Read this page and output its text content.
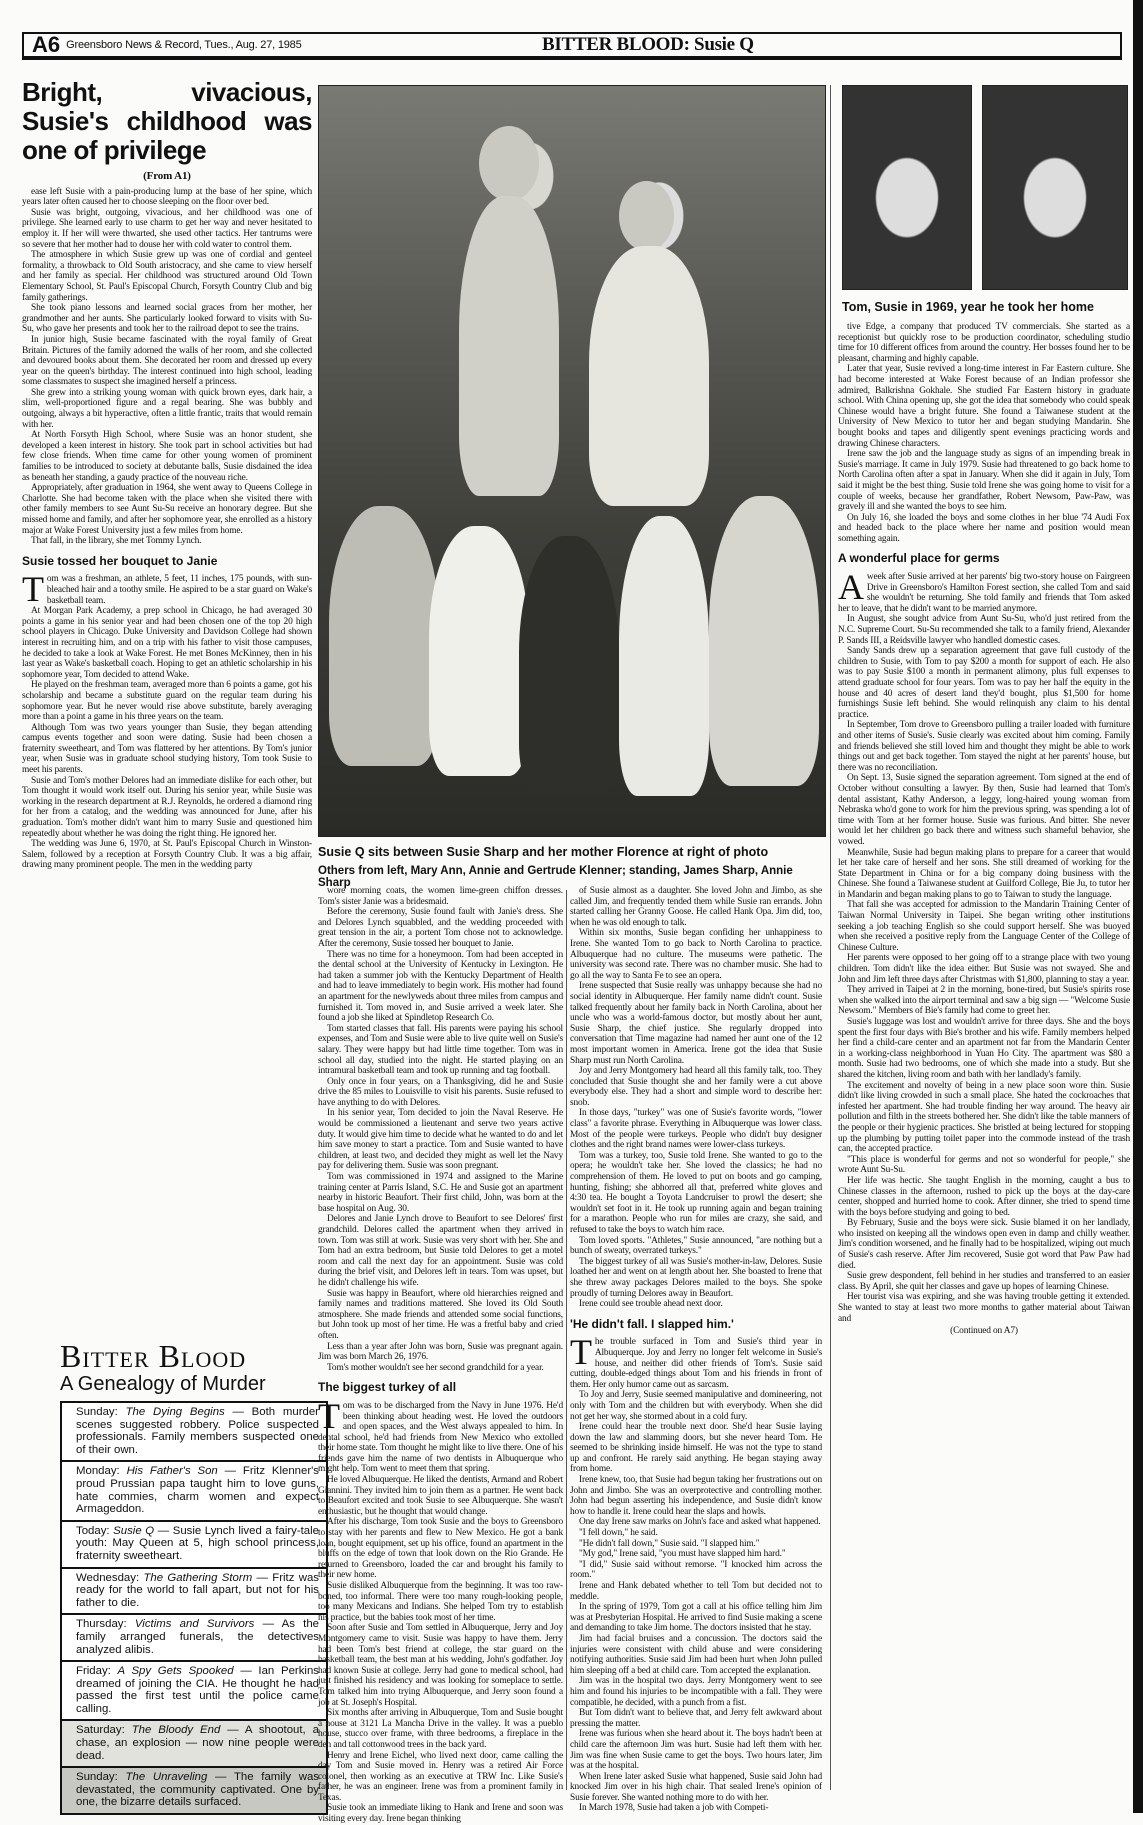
A6 Greensboro News & Record, Tues., Aug. 27, 1985	BITTER BLOOD: Susie Q
Bright, vivacious, Susie's childhood was one of privilege
(From A1)

ease left Susie with a pain-producing lump at the base of her spine, which years later often caused her to choose sleeping on the floor over bed.

Susie was bright, outgoing, vivacious, and her childhood was one of privilege. She learned early to use charm to get her way and never hesitated to employ it. If her will were thwarted, she used other tactics. Her tantrums were so severe that her mother had to douse her with cold water to control them.

The atmosphere in which Susie grew up was one of cordial and genteel formality, a throwback to Old South aristocracy, and she came to view herself and her family as special. Her childhood was structured around Old Town Elementary School, St. Paul's Episcopal Church, Forsyth Country Club and big family gatherings.

She took piano lessons and learned social graces from her mother, her grandmother and her aunts. She particularly looked forward to visits with Su-Su, who gave her presents and took her to the railroad depot to see the trains.

In junior high, Susie became fascinated with the royal family of Great Britain. Pictures of the family adorned the walls of her room, and she collected and devoured books about them. She decorated her room and dressed up every year on the queen's birthday. The interest continued into high school, leading some classmates to suspect she imagined herself a princess.

She grew into a striking young woman with quick brown eyes, dark hair, a slim, well-proportioned figure and a regal bearing. She was bubbly and outgoing, always a bit hyperactive, often a little frantic, traits that would remain with her.

At North Forsyth High School, where Susie was an honor student, she developed a keen interest in history. She took part in school activities but had few close friends. When time came for other young women of prominent families to be introduced to society at debutante balls, Susie disdained the idea as beneath her standing, a gaudy practice of the nouveau riche.

Appropriately, after graduation in 1964, she went away to Queens College in Charlotte. She had become taken with the place when she visited there with other family members to see Aunt Su-Su receive an honorary degree. But she missed home and family, and after her sophomore year, she enrolled as a history major at Wake Forest University just a few miles from home.

That fall, in the library, she met Tommy Lynch.

Susie tossed her bouquet to Janie

Tom was a freshman, an athlete, 5 feet, 11 inches, 175 pounds, with sun-bleached hair and a toothy smile. He aspired to be a star guard on Wake's basketball team.

At Morgan Park Academy, a prep school in Chicago, he had averaged 30 points a game in his senior year and had been chosen one of the top 20 high school players in Chicago. Duke University and Davidson College had shown interest in recruiting him, and on a trip with his father to visit those campuses, he decided to take a look at Wake Forest. He met Bones McKinney, then in his last year as Wake's basketball coach. Hoping to get an athletic scholarship in his sophomore year, Tom decided to attend Wake.

He played on the freshman team, averaged more than 6 points a game, got his scholarship and became a substitute guard on the regular team during his sophomore year. But he never would rise above substitute, barely averaging more than a point a game in his three years on the team.

Although Tom was two years younger than Susie, they began attending campus events together and soon were dating. Susie had been chosen a fraternity sweetheart, and Tom was flattered by her attentions. By Tom's junior year, when Susie was in graduate school studying history, Tom took Susie to meet his parents.

Susie and Tom's mother Delores had an immediate dislike for each other, but Tom thought it would work itself out. During his senior year, while Susie was working in the research department at R.J. Reynolds, he ordered a diamond ring for her from a catalog, and the wedding was announced for June, after his graduation. Tom's mother didn't want him to marry Susie and questioned him repeatedly about whether he was doing the right thing. He ignored her.

The wedding was June 6, 1970, at St. Paul's Episcopal Church in Winston-Salem, followed by a reception at Forsyth Country Club. It was a big affair, drawing many prominent people. The men in the wedding party

Bitter Blood
A Genealogy of Murder
Sunday: The Dying Begins — Both murder scenes suggested robbery. Police suspected professionals. Family members suspected one of their own.
Monday: His Father's Son — Fritz Klenner's proud Prussian papa taught him to love guns, hate commies, charm women and expect Armageddon.
Today: Susie Q — Susie Lynch lived a fairy-tale youth: May Queen at 5, high school princess, fraternity sweetheart.
Wednesday: The Gathering Storm — Fritz was ready for the world to fall apart, but not for his father to die.
Thursday: Victims and Survivors — As the family arranged funerals, the detectives analyzed alibis.
Friday: A Spy Gets Spooked — Ian Perkins dreamed of joining the CIA. He thought he had passed the first test until the police came calling.
Saturday: The Bloody End — A shootout, a chase, an explosion — now nine people were dead.
Sunday: The Unraveling — The family was devastated, the community captivated. One by one, the bizarre details surfaced.
Susie Q sits between Susie Sharp and her mother Florence at right of photo
Others from left, Mary Ann, Annie and Gertrude Klenner; standing, James Sharp, Annie Sharp

wore morning coats, the women lime-green chiffon dresses. Tom's sister Janie was a bridesmaid.

Before the ceremony, Susie found fault with Janie's dress. She and Delores Lynch squabbled, and the wedding proceeded with great tension in the air, a portent Tom chose not to acknowledge. After the ceremony, Susie tossed her bouquet to Janie.

There was no time for a honeymoon. Tom had been accepted in the dental school at the University of Kentucky in Lexington. He had taken a summer job with the Kentucky Department of Health and had to leave immediately to begin work. His mother had found an apartment for the newlyweds about three miles from campus and furnished it. Tom moved in, and Susie arrived a week later. She found a job she liked at Spindletop Research Co.

Tom started classes that fall. His parents were paying his school expenses, and Tom and Susie were able to live quite well on Susie's salary. They were happy but had little time together. Tom was in school all day, studied into the night. He started playing on an intramural basketball team and took up running and tag football.

Only once in four years, on a Thanksgiving, did he and Susie drive the 85 miles to Louisville to visit his parents. Susie refused to have anything to do with Delores.

In his senior year, Tom decided to join the Naval Reserve. He would be commissioned a lieutenant and serve two years active duty. It would give him time to decide what he wanted to do and let him save money to start a practice. Tom and Susie wanted to have children, at least two, and decided they might as well let the Navy pay for delivering them. Susie was soon pregnant.

Tom was commissioned in 1974 and assigned to the Marine training center at Parris Island, S.C. He and Susie got an apartment nearby in historic Beaufort. Their first child, John, was born at the base hospital on Aug. 30.

Delores and Janie Lynch drove to Beaufort to see Delores' first grandchild. Delores called the apartment when they arrived in town. Tom was still at work. Susie was very short with her. She and Tom had an extra bedroom, but Susie told Delores to get a motel room and call the next day for an appointment. Susie was cold during the brief visit, and Delores left in tears. Tom was upset, but he didn't challenge his wife.

Susie was happy in Beaufort, where old hierarchies reigned and family names and traditions mattered. She loved its Old South atmosphere. She made friends and attended some social functions, but John took up most of her time. He was a fretful baby and cried often.

Less than a year after John was born, Susie was pregnant again. Jim was born March 26, 1976.

Tom's mother wouldn't see her second grandchild for a year.

The biggest turkey of all

Tom was to be discharged from the Navy in June 1976. He'd been thinking about heading west. He loved the outdoors and open spaces, and the West always appealed to him. In dental school, he'd had friends from New Mexico who extolled their home state. Tom thought he might like to live there. One of his friends gave him the name of two dentists in Albuquerque who might help. Tom went to meet them that spring.

He loved Albuquerque. He liked the dentists, Armand and Robert Giannini. They invited him to join them as a partner. He went back to Beaufort excited and took Susie to see Albuquerque. She wasn't enthusiastic, but he thought that would change.

After his discharge, Tom took Susie and the boys to Greensboro to stay with her parents and flew to New Mexico. He got a bank loan, bought equipment, set up his office, found an apartment in the bluffs on the edge of town that look down on the Rio Grande. He returned to Greensboro, loaded the car and brought his family to their new home.

Susie disliked Albuquerque from the beginning. It was too raw-boned, too informal. There were too many rough-looking people, too many Mexicans and Indians. She helped Tom try to establish his practice, but the babies took most of her time.

Soon after Susie and Tom settled in Albuquerque, Jerry and Joy Montgomery came to visit. Susie was happy to have them. Jerry had been Tom's best friend at college, the star guard on the basketball team, the best man at his wedding, John's godfather. Joy had known Susie at college. Jerry had gone to medical school, had just finished his residency and was looking for someplace to settle. Tom talked him into trying Albuquerque, and Jerry soon found a job at St. Joseph's Hospital.

Six months after arriving in Albuquerque, Tom and Susie bought a house at 3121 La Mancha Drive in the valley. It was a pueblo house, stucco over frame, with three bedrooms, a fireplace in the den and tall cottonwood trees in the back yard.

Henry and Irene Eichel, who lived next door, came calling the day Tom and Susie moved in. Henry was a retired Air Force colonel, then working as an executive at TRW Inc. Like Susie's father, he was an engineer. Irene was from a prominent family in Texas.

Susie took an immediate liking to Hank and Irene and soon was visiting every day. Irene began thinking

of Susie almost as a daughter. She loved John and Jimbo, as she called Jim, and frequently tended them while Susie ran errands. John started calling her Granny Goose. He called Hank Opa. Jim did, too, when he was old enough to talk.

Within six months, Susie began confiding her unhappiness to Irene. She wanted Tom to go back to North Carolina to practice. Albuquerque had no culture. The museums were pathetic. The university was second rate. There was no chamber music. She had to go all the way to Santa Fe to see an opera.

Irene suspected that Susie really was unhappy because she had no social identity in Albuquerque. Her family name didn't count. Susie talked frequently about her family back in North Carolina, about her uncle who was a world-famous doctor, but mostly about her aunt, Susie Sharp, the chief justice. She regularly dropped into conversation that Time magazine had named her aunt one of the 12 most important women in America. Irene got the idea that Susie Sharp must run North Carolina.

Joy and Jerry Montgomery had heard all this family talk, too. They concluded that Susie thought she and her family were a cut above everybody else. They had a short and simple word to describe her: snob.

In those days, "turkey" was one of Susie's favorite words, "lower class" a favorite phrase. Everything in Albuquerque was lower class. Most of the people were turkeys. People who didn't buy designer clothes and the right brand names were lower-class turkeys.

Tom was a turkey, too, Susie told Irene. She wanted to go to the opera; he wouldn't take her. She loved the classics; he had no comprehension of them. He loved to put on boots and go camping, hunting, fishing; she abhorred all that, preferred white gloves and 4:30 tea. He bought a Toyota Landcruiser to prowl the desert; she wouldn't set foot in it. He took up running again and began training for a marathon. People who run for miles are crazy, she said, and refused to take the boys to watch him race.

Tom loved sports. "Athletes," Susie announced, "are nothing but a bunch of sweaty, overrated turkeys."

The biggest turkey of all was Susie's mother-in-law, Delores. Susie loathed her and went on at length about her. She boasted to Irene that she threw away packages Delores mailed to the boys. She spoke proudly of turning Delores away in Beaufort.

Irene could see trouble ahead next door.

'He didn't fall. I slapped him.'

The trouble surfaced in Tom and Susie's third year in Albuquerque. Joy and Jerry no longer felt welcome in Susie's house, and neither did other friends of Tom's. Susie said cutting, double-edged things about Tom and his friends in front of them. Her only humor came out as sarcasm.

To Joy and Jerry, Susie seemed manipulative and domineering, not only with Tom and the children but with everybody. When she did not get her way, she stormed about in a cold fury.

Irene could hear the trouble next door. She'd hear Susie laying down the law and slamming doors, but she never heard Tom. He seemed to be shrinking inside himself. He was not the type to stand up and confront. He rarely said anything. He began staying away from home.

Irene knew, too, that Susie had begun taking her frustrations out on John and Jimbo. She was an overprotective and controlling mother. John had begun asserting his independence, and Susie didn't know how to handle it. Irene could hear the slaps and howls.

One day Irene saw marks on John's face and asked what happened.

"I fell down," he said.

"He didn't fall down," Susie said. "I slapped him."

"My god," Irene said, "you must have slapped him hard."

"I did," Susie said without remorse. "I knocked him across the room."

Irene and Hank debated whether to tell Tom but decided not to meddle.

In the spring of 1979, Tom got a call at his office telling him Jim was at Presbyterian Hospital. He arrived to find Susie making a scene and demanding to take Jim home. The doctors insisted that he stay.

Jim had facial bruises and a concussion. The doctors said the injuries were consistent with child abuse and were considering notifying authorities. Susie said Jim had been hurt when John pulled him sleeping off a bed at child care. Tom accepted the explanation.

Jim was in the hospital two days. Jerry Montgomery went to see him and found his injuries to be incompatible with a fall. They were compatible, he decided, with a punch from a fist.

But Tom didn't want to believe that, and Jerry felt awkward about pressing the matter.

Irene was furious when she heard about it. The boys hadn't been at child care the afternoon Jim was hurt. Susie had left them with her. Jim was fine when Susie came to get the boys. Two hours later, Jim was at the hospital.

When Irene later asked Susie what happened, Susie said John had knocked Jim over in his high chair. That sealed Irene's opinion of Susie forever. She wanted nothing more to do with her.

In March 1978, Susie had taken a job with Competi-

Tom, Susie in 1969, year he took her home

tive Edge, a company that produced TV commercials. She started as a receptionist but quickly rose to be production coordinator, scheduling studio time for 10 different offices from around the country. Her bosses found her to be pleasant, charming and highly capable.

Later that year, Susie revived a long-time interest in Far Eastern culture. She had become interested at Wake Forest because of an Indian professor she admired, Balkrishna Gokhale. She studied Far Eastern history in graduate school. With China opening up, she got the idea that somebody who could speak Chinese would have a bright future. She found a Taiwanese student at the University of New Mexico to tutor her and began studying Mandarin. She bought books and tapes and diligently spent evenings practicing words and drawing Chinese characters.

Irene saw the job and the language study as signs of an impending break in Susie's marriage. It came in July 1979. Susie had threatened to go back home to North Carolina often after a spat in January. When she did it again in July, Tom said it might be the best thing. Susie told Irene she was going home to visit for a couple of weeks, because her grandfather, Robert Newsom, Paw-Paw, was gravely ill and she wanted the boys to see him.

On July 16, she loaded the boys and some clothes in her blue '74 Audi Fox and headed back to the place where her name and position would mean something again.

A wonderful place for germs

Aweek after Susie arrived at her parents' big two-story house on Fairgreen Drive in Greensboro's Hamilton Forest section, she called Tom and said she wouldn't be returning. She told family and friends that Tom asked her to leave, that he didn't want to be married anymore.

In August, she sought advice from Aunt Su-Su, who'd just retired from the N.C. Supreme Court. Su-Su recommended she talk to a family friend, Alexander P. Sands III, a Reidsville lawyer who handled domestic cases.

Sandy Sands drew up a separation agreement that gave full custody of the children to Susie, with Tom to pay $200 a month for support of each. He also was to pay Susie $100 a month in permanent alimony, plus full expenses to attend graduate school for four years. Tom was to pay her half the equity in the house and 40 acres of desert land they'd bought, plus $1,500 for home furnishings Susie left behind. She would relinquish any claim to his dental practice.

In September, Tom drove to Greensboro pulling a trailer loaded with furniture and other items of Susie's. Susie clearly was excited about him coming. Family and friends believed she still loved him and thought they might be able to work things out and get back together. Tom stayed the night at her parents' house, but there was no reconciliation.

On Sept. 13, Susie signed the separation agreement. Tom signed at the end of October without consulting a lawyer. By then, Susie had learned that Tom's dental assistant, Kathy Anderson, a leggy, long-haired young woman from Nebraska who'd gone to work for him the previous spring, was spending a lot of time with Tom at her former house. Susie was furious. And bitter. She never would let her children go back there and witness such shameful behavior, she vowed.

Meanwhile, Susie had begun making plans to prepare for a career that would let her take care of herself and her sons. She still dreamed of working for the State Department in China or for a big company doing business with the Chinese. She found a Taiwanese student at Guilford College, Bie Ju, to tutor her in Mandarin and began making plans to go to Taiwan to study the language.

That fall she was accepted for admission to the Mandarin Training Center of Taiwan Normal University in Taipei. She began writing other institutions seeking a job teaching English so she could support herself. She was buoyed when she received a positive reply from the Language Center of the College of Chinese Culture.

Her parents were opposed to her going off to a strange place with two young children. Tom didn't like the idea either. But Susie was not swayed. She and John and Jim left three days after Christmas with $1,800, planning to stay a year.

They arrived in Taipei at 2 in the morning, bone-tired, but Susie's spirits rose when she walked into the airport terminal and saw a big sign — "Welcome Susie Newsom." Members of Bie's family had come to greet her.

Susie's luggage was lost and wouldn't arrive for three days. She and the boys spent the first four days with Bie's brother and his wife. Family members helped her find a child-care center and an apartment not far from the Mandarin Center in a working-class neighborhood in Yuan Ho City. The apartment was $80 a month. Susie had two bedrooms, one of which she made into a study. But she shared the kitchen, living room and bath with her landlady's family.

The excitement and novelty of being in a new place soon wore thin. Susie didn't like living crowded in such a small place. She hated the cockroaches that infested her apartment. She had trouble finding her way around. The heavy air pollution and filth in the streets bothered her. She didn't like the table manners of the people or their hygienic practices. She bristled at being lectured for stopping up the plumbing by putting toilet paper into the commode instead of the trash can, the accepted practice.

"This place is wonderful for germs and not so wonderful for people," she wrote Aunt Su-Su.

Her life was hectic. She taught English in the morning, caught a bus to Chinese classes in the afternoon, rushed to pick up the boys at the day-care center, shopped and hurried home to cook. After dinner, she tried to spend time with the boys before studying and going to bed.

By February, Susie and the boys were sick. Susie blamed it on her landlady, who insisted on keeping all the windows open even in damp and chilly weather. Jim's condition worsened, and he finally had to be hospitalized, wiping out much of Susie's cash reserve. After Jim recovered, Susie got word that Paw Paw had died.

Susie grew despondent, fell behind in her studies and transferred to an easier class. By April, she quit her classes and gave up hopes of learning Chinese.

Her tourist visa was expiring, and she was having trouble getting it extended. She wanted to stay at least two more months to gather material about Taiwan and

(Continued on A7)
